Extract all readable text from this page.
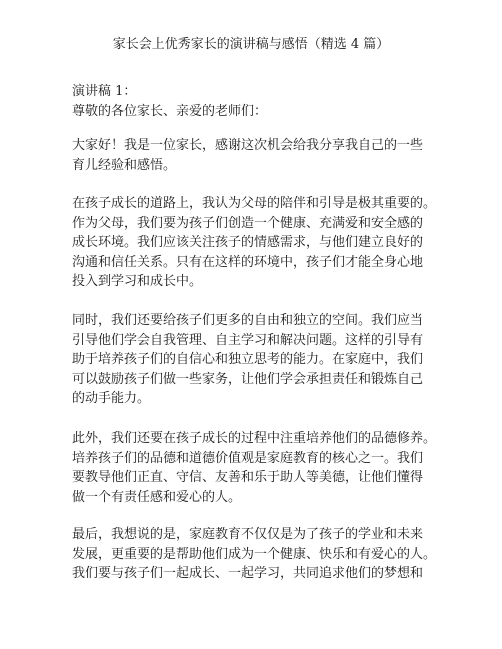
家长会上优秀家长的演讲稿与感悟（精选 4 篇）

演讲稿 1：
尊敬的各位家长、亲爱的老师们：

大家好！我是一位家长，感谢这次机会给我分享我自己的一些
育儿经验和感悟。

在孩子成长的道路上，我认为父母的陪伴和引导是极其重要的。
作为父母，我们要为孩子们创造一个健康、充满爱和安全感的
成长环境。我们应该关注孩子的情感需求，与他们建立良好的
沟通和信任关系。只有在这样的环境中，孩子们才能全身心地
投入到学习和成长中。

同时，我们还要给孩子们更多的自由和独立的空间。我们应当
引导他们学会自我管理、自主学习和解决问题。这样的引导有
助于培养孩子们的自信心和独立思考的能力。在家庭中，我们
可以鼓励孩子们做一些家务，让他们学会承担责任和锻炼自己
的动手能力。

此外，我们还要在孩子成长的过程中注重培养他们的品德修养。
培养孩子们的品德和道德价值观是家庭教育的核心之一。我们
要教导他们正直、守信、友善和乐于助人等美德，让他们懂得
做一个有责任感和爱心的人。

最后，我想说的是，家庭教育不仅仅是为了孩子的学业和未来
发展，更重要的是帮助他们成为一个健康、快乐和有爱心的人。
我们要与孩子们一起成长、一起学习，共同追求他们的梦想和
